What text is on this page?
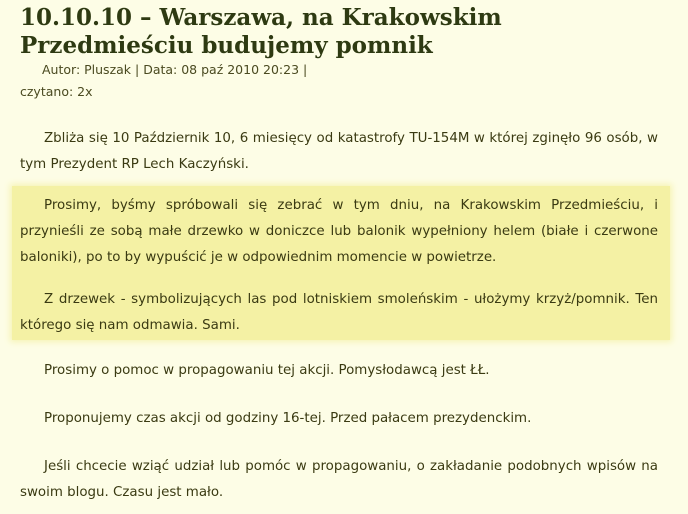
10.10.10 – Warszawa, na Krakowskim Przedmieściu budujemy pomnik
Autor: Pluszak | Data: 08 paź 2010 20:23 |
czytano: 2x

Zbliża się 10 Październik 10, 6 miesięcy od katastrofy TU-154M w której zginęło 96 osób, w tym Prezydent RP Lech Kaczyński.

Prosimy, byśmy spróbowali się zebrać w tym dniu, na Krakowskim Przedmieściu, i przynieśli ze sobą małe drzewko w doniczce lub balonik wypełniony helem (białe i czerwone baloniki), po to by wypuścić je w odpowiednim momencie w powietrze.

Z drzewek - symbolizujących las pod lotniskiem smoleńskim - ułożymy krzyż/pomnik. Ten którego się nam odmawia. Sami.

Prosimy o pomoc w propagowaniu tej akcji. Pomysłodawcą jest ŁŁ.

Proponujemy czas akcji od godziny 16-tej. Przed pałacem prezydenckim.

Jeśli chcecie wziąć udział lub pomóc w propagowaniu, o zakładanie podobnych wpisów na swoim blogu. Czasu jest mało.
